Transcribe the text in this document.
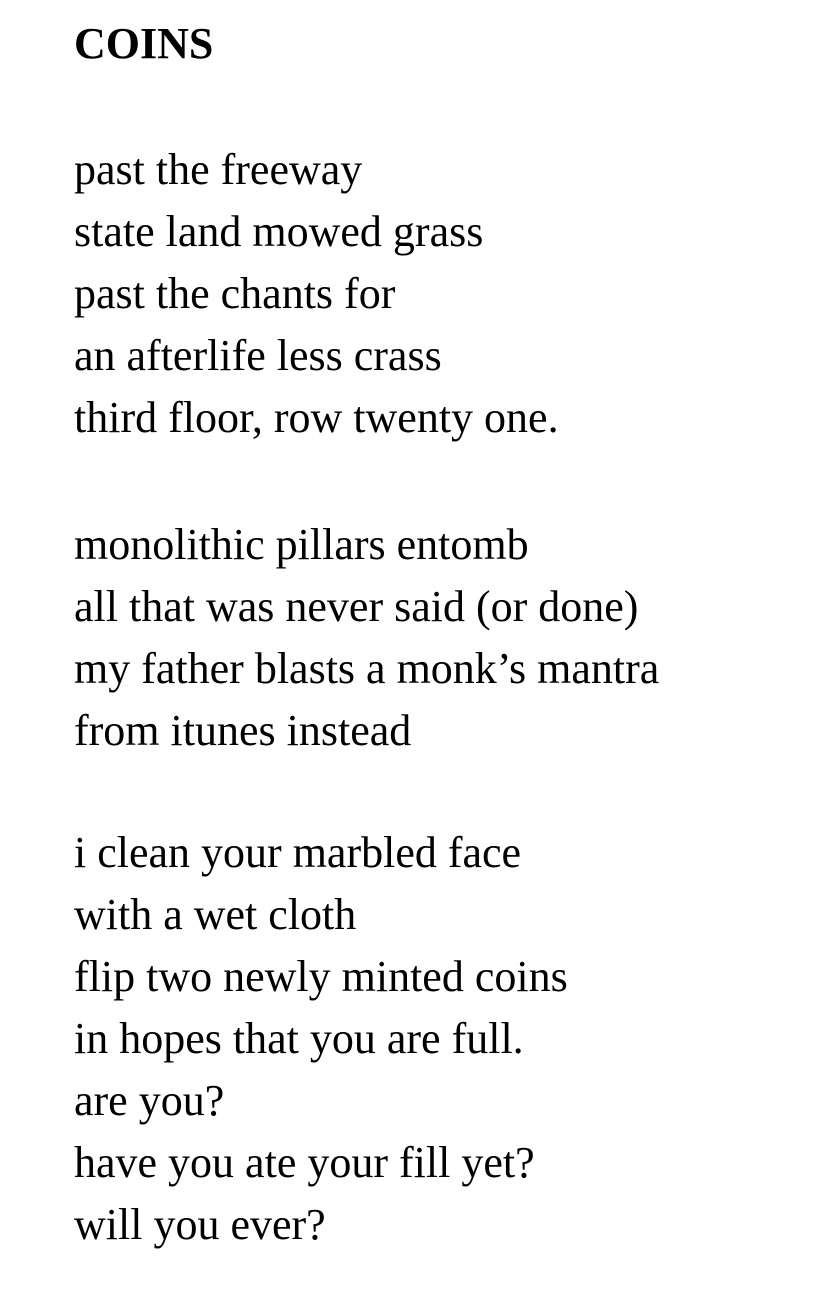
COINS
past the freeway
state land mowed grass
past the chants for
an afterlife less crass
third floor, row twenty one.
monolithic pillars entomb
all that was never said (or done)
my father blasts a monk’s mantra
from itunes instead
i clean your marbled face
with a wet cloth
flip two newly minted coins
in hopes that you are full.
are you?
have you ate your fill yet?
will you ever?
